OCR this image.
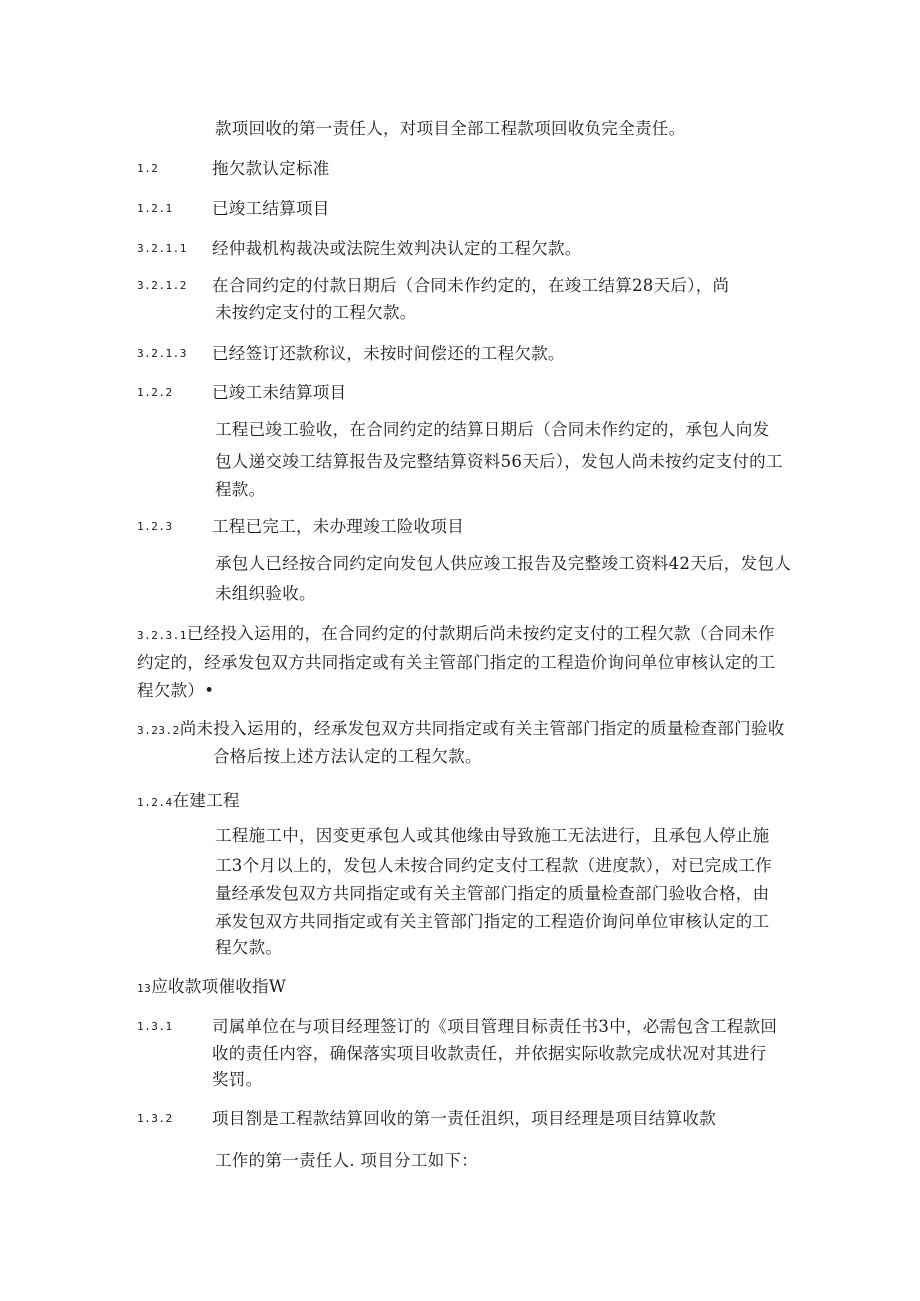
款项回收的第一责任人，对项目全部工程款项回收负完全责任。
1.2	拖欠款认定标准
1.2.1 已竣工结算项目
3.2.1.1 经仲裁机构裁决或法院生效判决认定的工程欠款。
3.2.1.2 在合同约定的付款日期后（合同未作约定的，在竣工结算28天后），尚
未按约定支付的工程欠款。
3.2.1.3 已经签订还款称议，未按时间偿还的工程欠款。
1.2.2 已竣工未结算项目
工程已竣工验收，在合同约定的结算日期后（合同未作约定的，承包人向发
包人递交竣工结算报告及完整结算资料56天后），发包人尚未按约定支付的工
程款。
1.2.3 工程已完工，未办理竣工险收项目
承包人已经按合同约定向发包人供应竣工报告及完整竣工资料42天后，发包人
未组织验收。
3.2.3.1已经投入运用的，在合同约定的付款期后尚未按约定支付的工程欠款（合同未作
约定的，经承发包双方共同指定或有关主管部门指定的工程造价询问单位审核认定的工
程欠款）•
3.23.2尚未投入运用的，经承发包双方共同指定或有关主管部门指定的质量检查部门验收
合格后按上述方法认定的工程欠款。
1.2.4在建工程
工程施工中，因变更承包人或其他缘由导致施工无法进行，且承包人停止施
工3个月以上的，发包人未按合同约定支付工程款（进度款），对已完成工作
量经承发包双方共同指定或有关主管部门指定的质量检查部门验收合格，由
承发包双方共同指定或有关主管部门指定的工程造价询问单位审核认定的工
程欠款。
13应收款项催收指W
1.3.1 司属单位在与项目经理签订的《项目管理目标责任书3中，必需包含工程款回
收的责任内容，确保落实项目收款责任，并依据实际收款完成状况对其进行
奖罚。
1.3.2 项目劄是工程款结算回收的第一责任沮织，项目经理是项目结算收款
工作的第一责任人. 项目分工如下：
